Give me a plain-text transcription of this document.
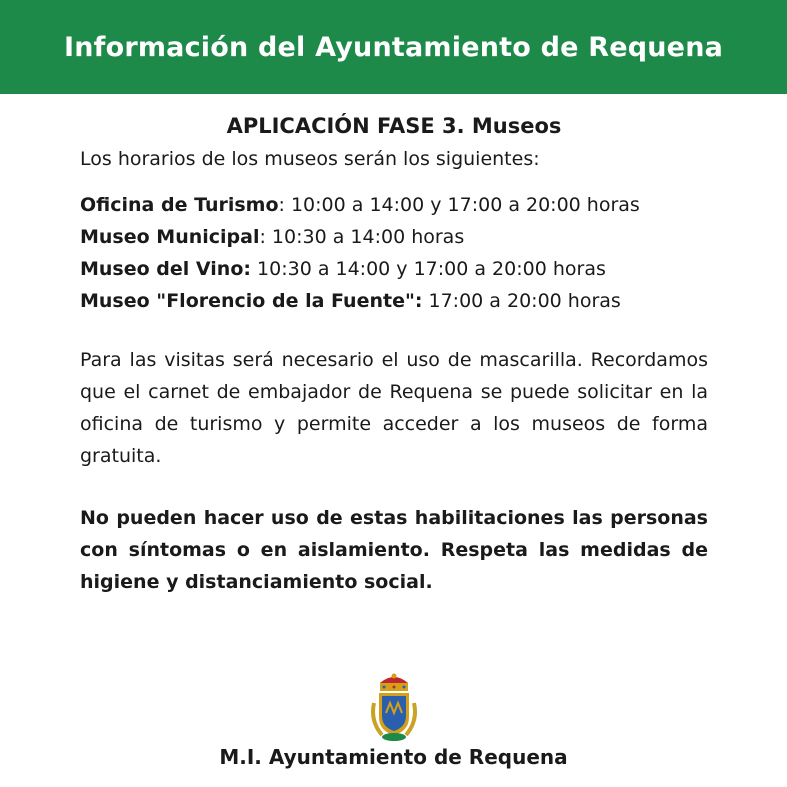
Información del Ayuntamiento de Requena
APLICACIÓN FASE 3. Museos
Los horarios de los museos serán los siguientes:
Oficina de Turismo: 10:00 a 14:00 y 17:00 a 20:00 horas
Museo Municipal: 10:30 a 14:00 horas
Museo del Vino: 10:30 a 14:00 y 17:00 a 20:00 horas
Museo "Florencio de la Fuente": 17:00 a 20:00 horas

Para las visitas será necesario el uso de mascarilla. Recordamos que el carnet de embajador de Requena se puede solicitar en la oficina de turismo y permite acceder a los museos de forma gratuita.

No pueden hacer uso de estas habilitaciones las personas con síntomas o en aislamiento. Respeta las medidas de higiene y distanciamiento social.

M.I. Ayuntamiento de Requena
